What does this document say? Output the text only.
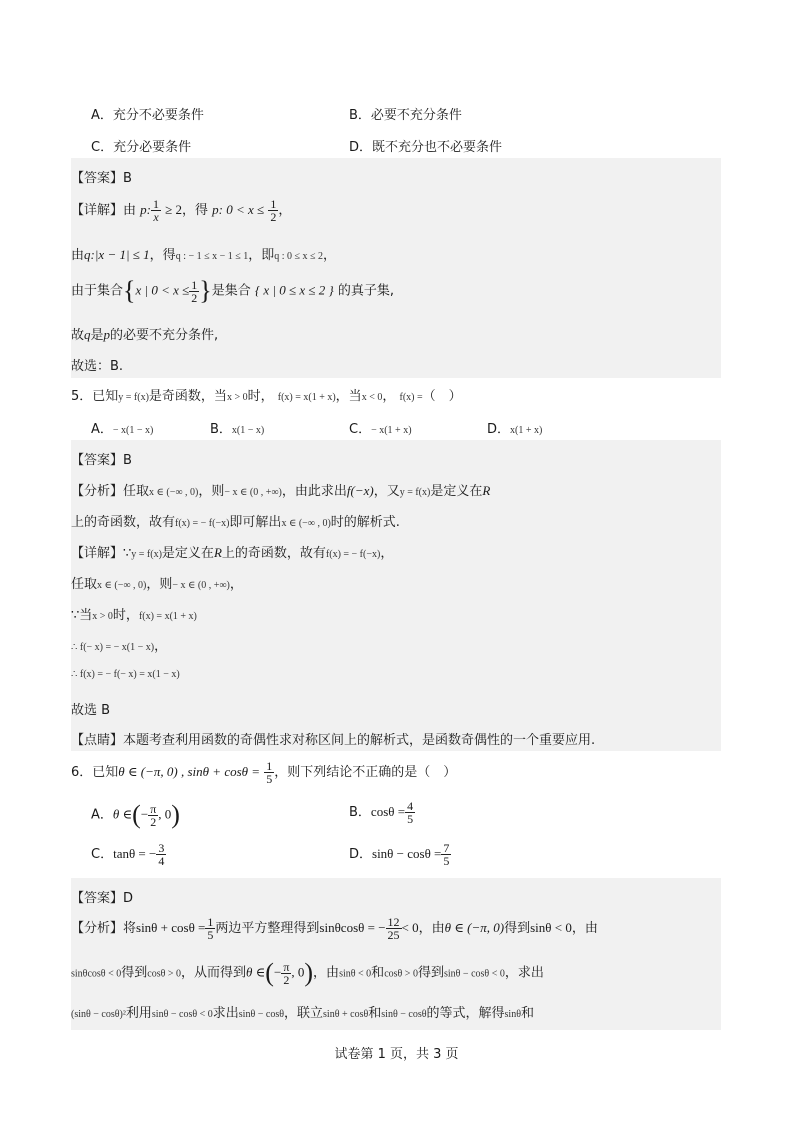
A．充分不必要条件	B．必要不充分条件
C．充分必要条件	D．既不充分也不必要条件
【答案】B
【详解】由 p: $\frac{1}{x} \ge 2$，得 p: $0 < x \le \frac{1}{2}$ ，
由q:|x − 1| ≤ 1，得q : − 1 ≤ x − 1 ≤ 1，即q : 0 ≤ x ≤ 2，
由于集合{x | $0 < x \le \frac{1}{2}$ }是集合 { x | 0 ≤ x ≤ 2 } 的真子集,
故q是p的必要不充分条件,
故选：B.
5．已知y = f(x)是奇函数，当x > 0时， f(x) = x(1 + x)，当x < 0， f(x) =（　）
A．− x(1 − x)	B．x(1 − x)	C．− x(1 + x)	D．x(1 + x)
【答案】B
【分析】任取x ∈ (−∞ , 0)，则− x ∈ (0 , +∞)，由此求出f(−x)，又y = f(x)是定义在R
上的奇函数，故有f(x) = − f(−x)即可解出x ∈ (−∞ , 0)时的解析式.
【详解】∵y = f(x)是定义在R上的奇函数，故有f(x) = − f(−x)，
任取x ∈ (−∞ , 0)，则− x ∈ (0 , +∞)，
∵当x > 0时，f(x) = x(1 + x)
∴ f(− x) = − x(1 − x)，
∴ f(x) = − f(− x) = x(1 − x)
故选 B
【点睛】本题考查利用函数的奇偶性求对称区间上的解析式，是函数奇偶性的一个重要应用.
6．已知θ ∈ (−π, 0) , $\sin\theta + \cos\theta = \frac{1}{5}$ ，则下列结论不正确的是（　）
A．θ ∈(− $\frac{\pi}{2}$ , 0)	B．$\cos\theta = \frac{4}{5}$
C．tanθ = − $\frac{3}{4}$	D．$\sin\theta - \cos\theta = \frac{7}{5}$
【答案】D
【分析】将$\sin\theta + \cos\theta = \frac{1}{5}$ 两边平方整理得到sinθcosθ = − $\frac{12}{25} < 0$，由θ ∈ (−π, 0)得到sinθ < 0，由
sinθcosθ < 0得到cosθ > 0，从而得到θ ∈(− $\frac{\pi}{2}$ , 0)，由sinθ < 0和cosθ > 0得到sinθ − cosθ < 0，求出
(sinθ − cosθ)²利用sinθ − cosθ < 0求出sinθ − cosθ，联立sinθ + cosθ和sinθ − cosθ的等式，解得sinθ和
试卷第 1 页，共 3 页
